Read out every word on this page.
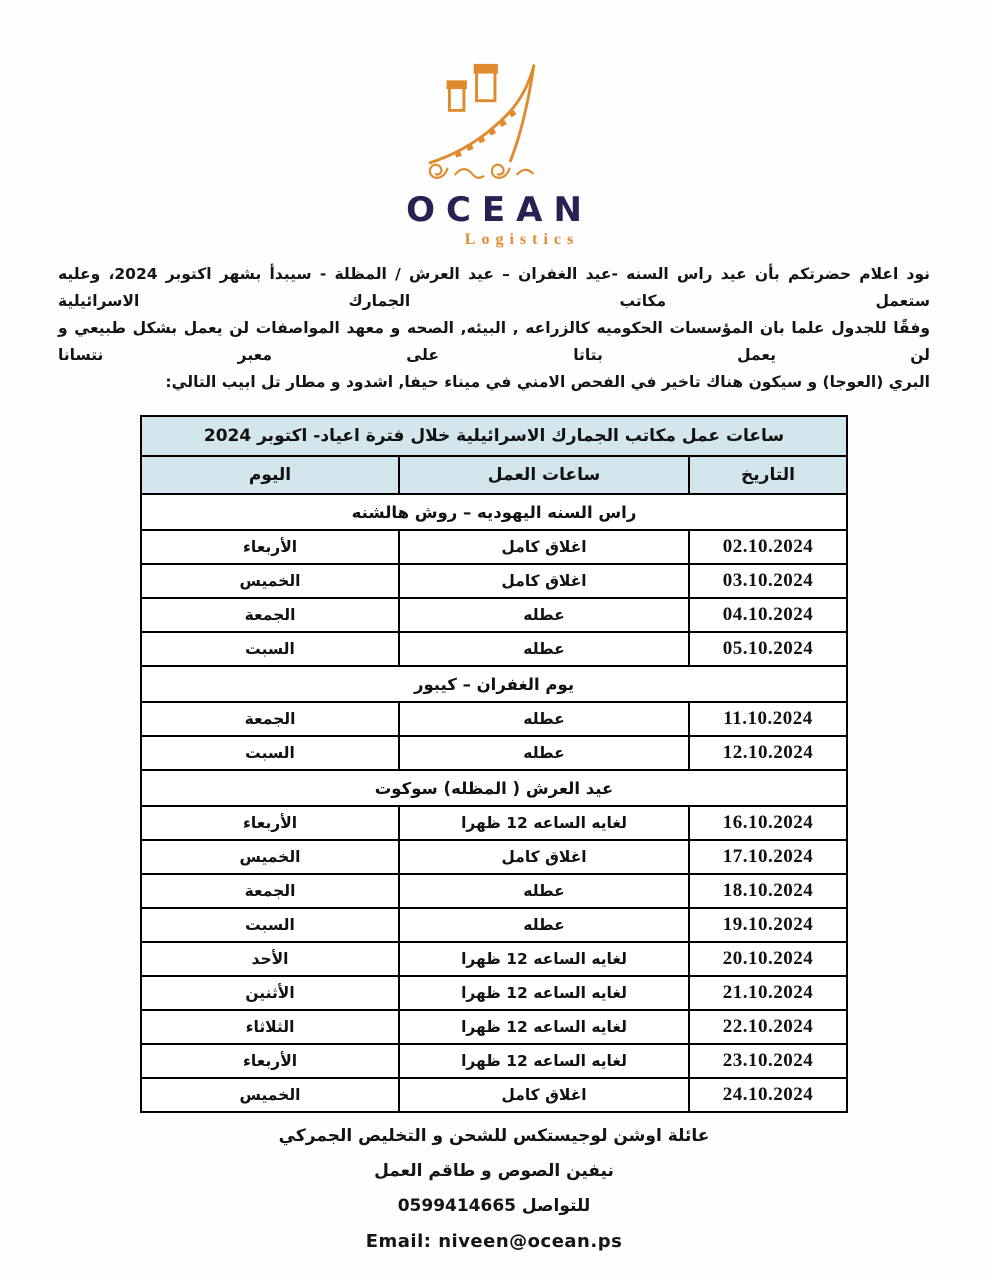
OCEAN
Logistics
نود اعلام حضرتكم بأن عيد راس السنه -عيد الغفران – عيد العرش / المظلة - سيبدأ بشهر اكتوبر 2024، وعليه ستعمل مكاتب الجمارك الاسرائيلية
وفقًا للجدول علما بان المؤسسات الحكوميه كالزراعه , البيئه, الصحه و معهد المواصفات لن يعمل بشكل طبيعي و لن يعمل بتاتا على معبر نتسانا
البري (العوجا) و سيكون هناك تاخير في الفحص الامني في ميناء حيفا, اشدود و مطار تل ابيب التالي:
ساعات عمل مكاتب الجمارك الاسرائيلية خلال فترة اعياد- اكتوبر 2024		
التاريخ	ساعات العمل	اليوم
راس السنه اليهوديه – روش هالشنه		
02.10.2024	اغلاق كامل	الأربعاء
03.10.2024	اغلاق كامل	الخميس
04.10.2024	عطله	الجمعة
05.10.2024	عطله	السبت
يوم الغفران – كيبور		
11.10.2024	عطله	الجمعة
12.10.2024	عطله	السبت
عيد العرش ( المظله) سوكوت		
16.10.2024	لغايه الساعه 12 ظهرا	الأربعاء
17.10.2024	اغلاق كامل	الخميس
18.10.2024	عطله	الجمعة
19.10.2024	عطله	السبت
20.10.2024	لغايه الساعه 12 ظهرا	الأحد
21.10.2024	لغايه الساعه 12 ظهرا	الأثنين
22.10.2024	لغايه الساعه 12 ظهرا	الثلاثاء
23.10.2024	لغايه الساعه 12 ظهرا	الأربعاء
24.10.2024	اغلاق كامل	الخميس
عائلة اوشن لوجيستكس للشحن و التخليص الجمركي
نيفين الصوص و طاقم العمل
للتواصل 0599414665
Email: niveen@ocean.ps
